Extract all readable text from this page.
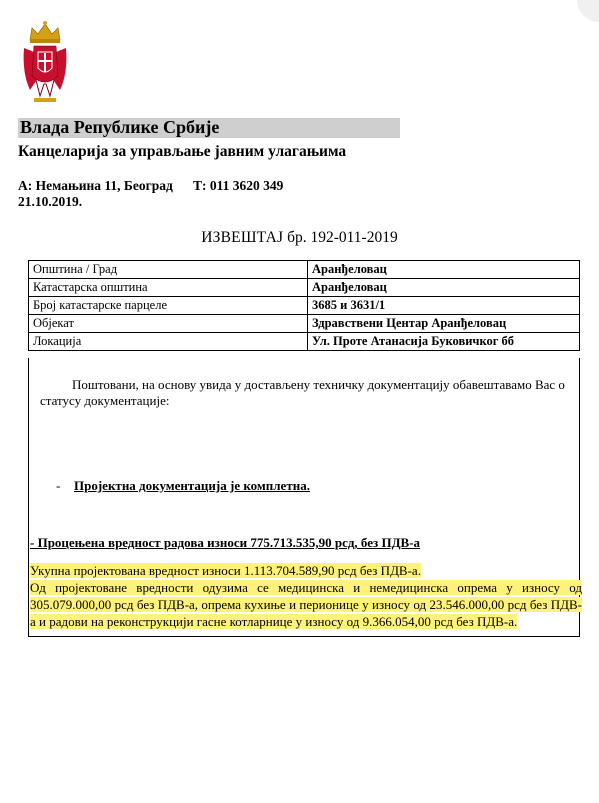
Влада Републике Србије
Канцеларија за управљање јавним улагањима
А: Немањина 11, Београд      Т: 011 3620 349
21.10.2019.
ИЗВЕШТАЈ бр. 192-011-2019
Општина / Град	Аранђеловац
Катастарска општина	Аранђеловац
Број катастарске парцеле	3685 и 3631/1
Објекат	Здравствени Центар Аранђеловац
Локација	Ул. Проте Атанасија Буковичког бб
Поштовани, на основу увида у достављену техничку документацију обавештавамо Вас о статусу документације:
- Пројектна документација је комплетна.
- Процењена вредност радова износи 775.713.535,90 рсд, без ПДВ-а
Укупна пројектована вредност износи 1.113.704.589,90 рсд без ПДВ-а.
Од пројектоване вредности одузима се медицинска и немедицинска опрема у износу од 305.079.000,00 рсд без ПДВ-а, опрема кухиње и перионице у износу од 23.546.000,00 рсд без ПДВ-а и радови на реконструкцији гасне котларнице у износу од 9.366.054,00 рсд без ПДВ-а.
